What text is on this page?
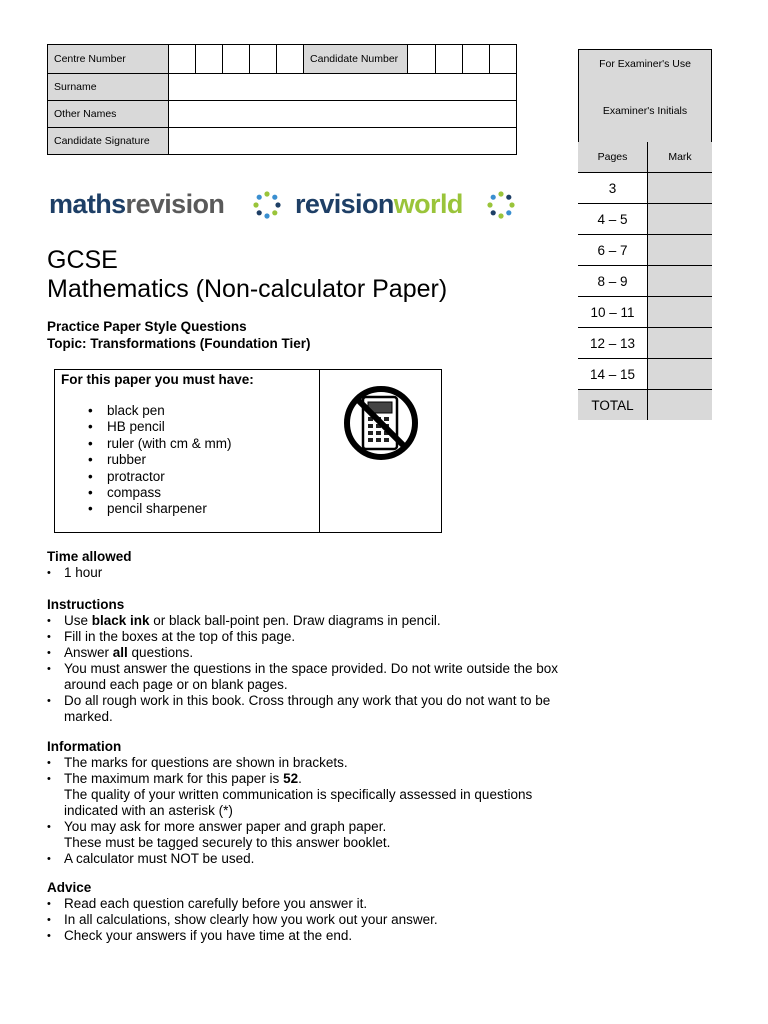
Centre Number						Candidate Number				
Surname										
Other Names										
Candidate Signature										
For Examiner's Use
Examiner's Initials
Pages	Mark
3	
4 – 5	
6 – 7	
8 – 9	
10 – 11	
12 – 13	
14 – 15	
TOTAL	
mathsrevision	revisionworld
GCSE
Mathematics (Non-calculator Paper)
Practice Paper Style Questions
Topic: Transformations (Foundation Tier)
For this paper you must have:
• black pen
• HB pencil
• ruler (with cm & mm)
• rubber
• protractor
• compass
• pencil sharpener
Time allowed
• 1 hour
Instructions
• Use black ink or black ball-point pen. Draw diagrams in pencil.
• Fill in the boxes at the top of this page.
• Answer all questions.
• You must answer the questions in the space provided. Do not write outside the box around each page or on blank pages.
• Do all rough work in this book. Cross through any work that you do not want to be marked.
Information
• The marks for questions are shown in brackets.
• The maximum mark for this paper is 52.
The quality of your written communication is specifically assessed in questions indicated with an asterisk (*)
• You may ask for more answer paper and graph paper.
These must be tagged securely to this answer booklet.
• A calculator must NOT be used.
Advice
• Read each question carefully before you answer it.
• In all calculations, show clearly how you work out your answer.
• Check your answers if you have time at the end.
